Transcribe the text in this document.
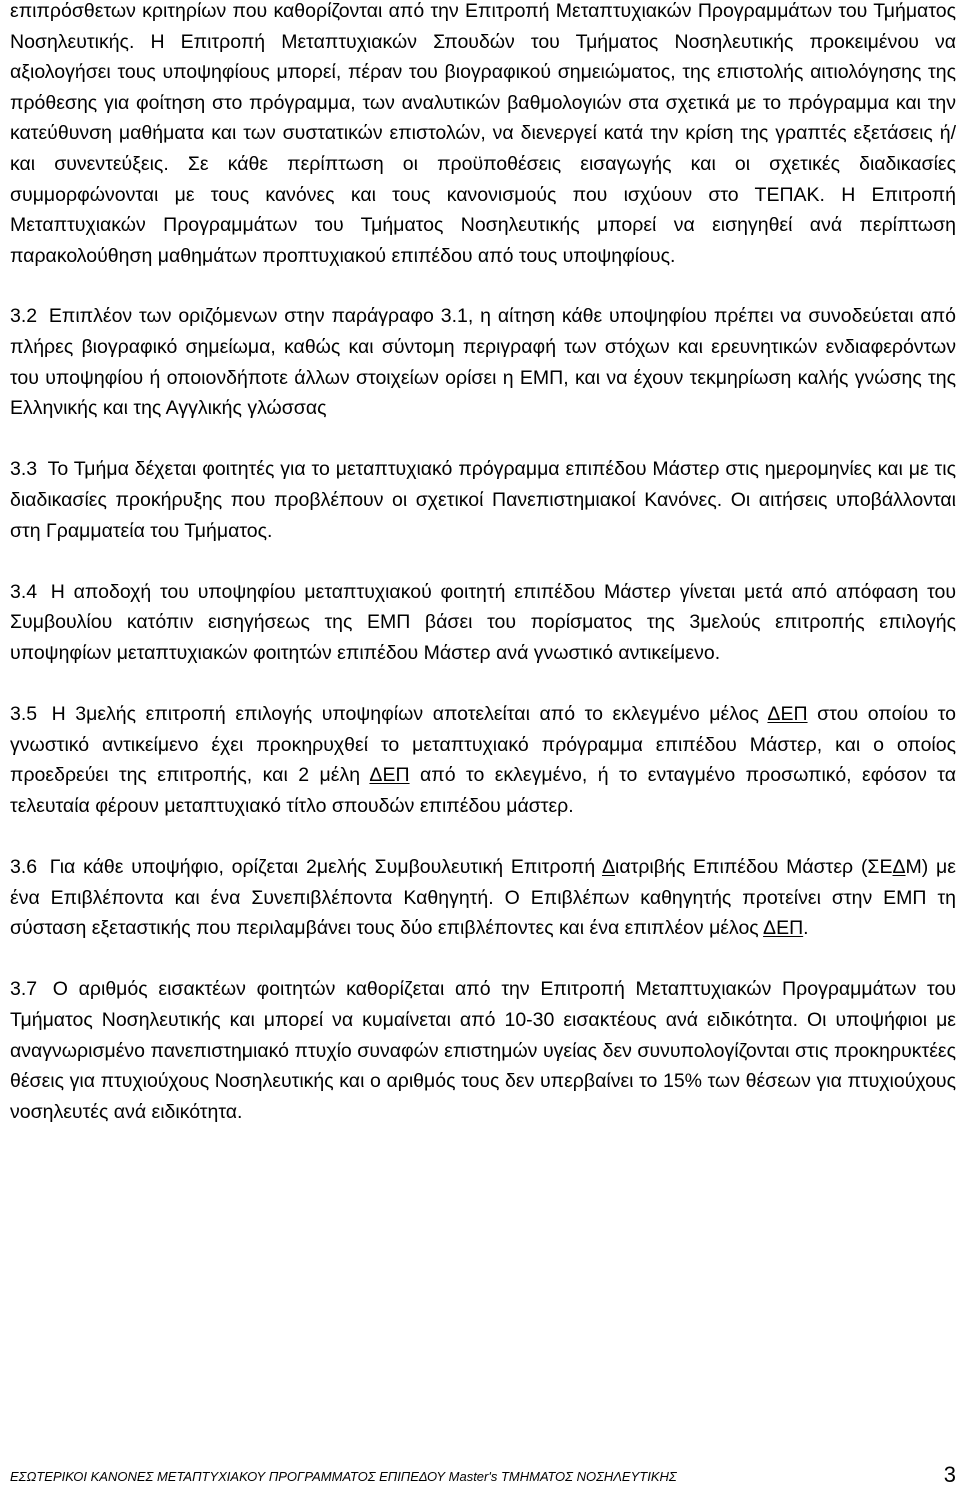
επιπρόσθετων κριτηρίων που καθορίζονται από την Επιτροπή Μεταπτυχιακών Προγραμμάτων του Τμήματος Νοσηλευτικής. Η Επιτροπή Μεταπτυχιακών Σπουδών του Τμήματος Νοσηλευτικής προκειμένου να αξιολογήσει τους υποψηφίους μπορεί, πέραν του βιογραφικού σημειώματος, της επιστολής αιτιολόγησης της πρόθεσης για φοίτηση στο πρόγραμμα, των αναλυτικών βαθμολογιών στα σχετικά με το πρόγραμμα και την κατεύθυνση μαθήματα και των συστατικών επιστολών, να διενεργεί κατά την κρίση της γραπτές εξετάσεις ή/και συνεντεύξεις. Σε κάθε περίπτωση οι προϋποθέσεις εισαγωγής και οι σχετικές διαδικασίες συμμορφώνονται με τους κανόνες και τους κανονισμούς που ισχύουν στο ΤΕΠΑΚ. Η Επιτροπή Μεταπτυχιακών Προγραμμάτων του Τμήματος Νοσηλευτικής μπορεί να εισηγηθεί ανά περίπτωση παρακολούθηση μαθημάτων προπτυχιακού επιπέδου από τους υποψηφίους.

3.2 Επιπλέον των οριζόμενων στην παράγραφο 3.1, η αίτηση κάθε υποψηφίου πρέπει να συνοδεύεται από πλήρες βιογραφικό σημείωμα, καθώς και σύντομη περιγραφή των στόχων και ερευνητικών ενδιαφερόντων του υποψηφίου ή οποιονδήποτε άλλων στοιχείων ορίσει η ΕΜΠ, και να έχουν τεκμηρίωση καλής γνώσης της Ελληνικής και της Αγγλικής γλώσσας

3.3 Το Τμήμα δέχεται φοιτητές για το μεταπτυχιακό πρόγραμμα επιπέδου Μάστερ στις ημερομηνίες και με τις διαδικασίες προκήρυξης που προβλέπουν οι σχετικοί Πανεπιστημιακοί Κανόνες. Οι αιτήσεις υποβάλλονται στη Γραμματεία του Τμήματος.

3.4 Η αποδοχή του υποψηφίου μεταπτυχιακού φοιτητή επιπέδου Μάστερ γίνεται μετά από απόφαση του Συμβουλίου κατόπιν εισηγήσεως της ΕΜΠ βάσει του πορίσματος της 3μελούς επιτροπής επιλογής υποψηφίων μεταπτυχιακών φοιτητών επιπέδου Μάστερ ανά γνωστικό αντικείμενο.

3.5 Η 3μελής επιτροπή επιλογής υποψηφίων αποτελείται από το εκλεγμένο μέλος ΔΕΠ στου οποίου το γνωστικό αντικείμενο έχει προκηρυχθεί το μεταπτυχιακό πρόγραμμα επιπέδου Μάστερ, και ο οποίος προεδρεύει της επιτροπής, και 2 μέλη ΔΕΠ από το εκλεγμένο, ή το ενταγμένο προσωπικό, εφόσον τα τελευταία φέρουν μεταπτυχιακό τίτλο σπουδών επιπέδου μάστερ.

3.6 Για κάθε υποψήφιο, ορίζεται 2μελής Συμβουλευτική Επιτροπή Διατριβής Επιπέδου Μάστερ (ΣΕΔΜ) με ένα Επιβλέποντα και ένα Συνεπιβλέποντα Καθηγητή. Ο Επιβλέπων καθηγητής προτείνει στην ΕΜΠ τη σύσταση εξεταστικής που περιλαμβάνει τους δύο επιβλέποντες και ένα επιπλέον μέλος ΔΕΠ.

3.7 Ο αριθμός εισακτέων φοιτητών καθορίζεται από την Επιτροπή Μεταπτυχιακών Προγραμμάτων του Τμήματος Νοσηλευτικής και μπορεί να κυμαίνεται από 10-30 εισακτέους ανά ειδικότητα. Οι υποψήφιοι με αναγνωρισμένο πανεπιστημιακό πτυχίο συναφών επιστημών υγείας δεν συνυπολογίζονται στις προκηρυκτέες θέσεις για πτυχιούχους Νοσηλευτικής και ο αριθμός τους δεν υπερβαίνει το 15% των θέσεων για πτυχιούχους νοσηλευτές ανά ειδικότητα.

ΕΣΩΤΕΡΙΚΟΙ ΚΑΝΟΝΕΣ ΜΕΤΑΠΤΥΧΙΑΚΟΥ ΠΡΟΓΡΑΜΜΑΤΟΣ ΕΠΙΠΕΔΟΥ Master's ΤΜΗΜΑΤΟΣ ΝΟΣΗΛΕΥΤΙΚΗΣ	3
